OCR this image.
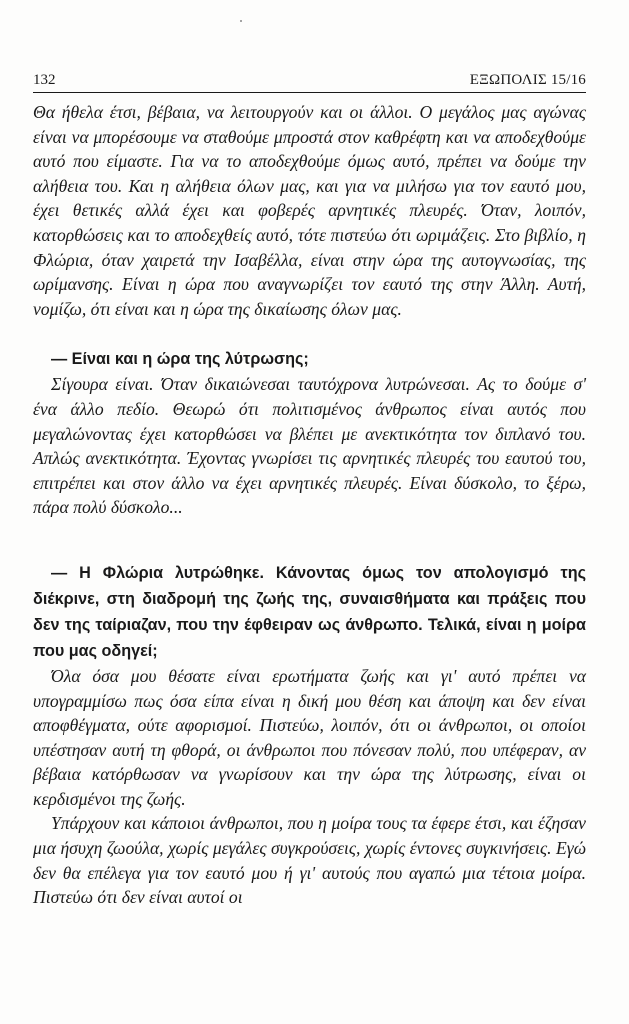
132	ΕΞΩΠΟΛΙΣ 15/16

Θα ήθελα έτσι, βέβαια, να λειτουργούν και οι άλλοι. Ο μεγάλος μας αγώνας είναι να μπορέσουμε να σταθούμε μπροστά στον καθρέφτη και να αποδεχθούμε αυτό που είμαστε. Για να το αποδεχθούμε όμως αυτό, πρέπει να δούμε την αλήθεια του. Και η αλήθεια όλων μας, και για να μιλήσω για τον εαυτό μου, έχει θετικές αλλά έχει και φοβερές αρνητικές πλευρές. Όταν, λοιπόν, κατορθώσεις και το αποδεχθείς αυτό, τότε πιστεύω ότι ωριμάζεις. Στο βιβλίο, η Φλώρια, όταν χαιρετά την Ισαβέλλα, είναι στην ώρα της αυτογνωσίας, της ωρίμανσης. Είναι η ώρα που αναγνωρίζει τον εαυτό της στην Άλλη. Αυτή, νομίζω, ότι είναι και η ώρα της δικαίωσης όλων μας.

— Είναι και η ώρα της λύτρωσης;

Σίγουρα είναι. Όταν δικαιώνεσαι ταυτόχρονα λυτρώνεσαι. Ας το δούμε σ' ένα άλλο πεδίο. Θεωρώ ότι πολιτισμένος άνθρωπος είναι αυτός που μεγαλώνοντας έχει κατορθώσει να βλέπει με ανεκτικότητα τον διπλανό του. Απλώς ανεκτικότητα. Έχοντας γνωρίσει τις αρνητικές πλευρές του εαυτού του, επιτρέπει και στον άλλο να έχει αρνητικές πλευρές. Είναι δύσκολο, το ξέρω, πάρα πολύ δύσκολο...

— Η Φλώρια λυτρώθηκε. Κάνοντας όμως τον απολογισμό της διέκρινε, στη διαδρομή της ζωής της, συναισθήματα και πράξεις που δεν της ταίριαζαν, που την έφθειραν ως άνθρωπο. Τελικά, είναι η μοίρα που μας οδηγεί;

Όλα όσα μου θέσατε είναι ερωτήματα ζωής και γι' αυτό πρέπει να υπογραμμίσω πως όσα είπα είναι η δική μου θέση και άποψη και δεν είναι αποφθέγματα, ούτε αφορισμοί. Πιστεύω, λοιπόν, ότι οι άνθρωποι, οι οποίοι υπέστησαν αυτή τη φθορά, οι άνθρωποι που πόνεσαν πολύ, που υπέφεραν, αν βέβαια κατόρθωσαν να γνωρίσουν και την ώρα της λύτρωσης, είναι οι κερδισμένοι της ζωής.

Υπάρχουν και κάποιοι άνθρωποι, που η μοίρα τους τα έφερε έτσι, και έζησαν μια ήσυχη ζωούλα, χωρίς μεγάλες συγκρούσεις, χωρίς έντονες συγκινήσεις. Εγώ δεν θα επέλεγα για τον εαυτό μου ή γι' αυτούς που αγαπώ μια τέτοια μοίρα. Πιστεύω ότι δεν είναι αυτοί οι
